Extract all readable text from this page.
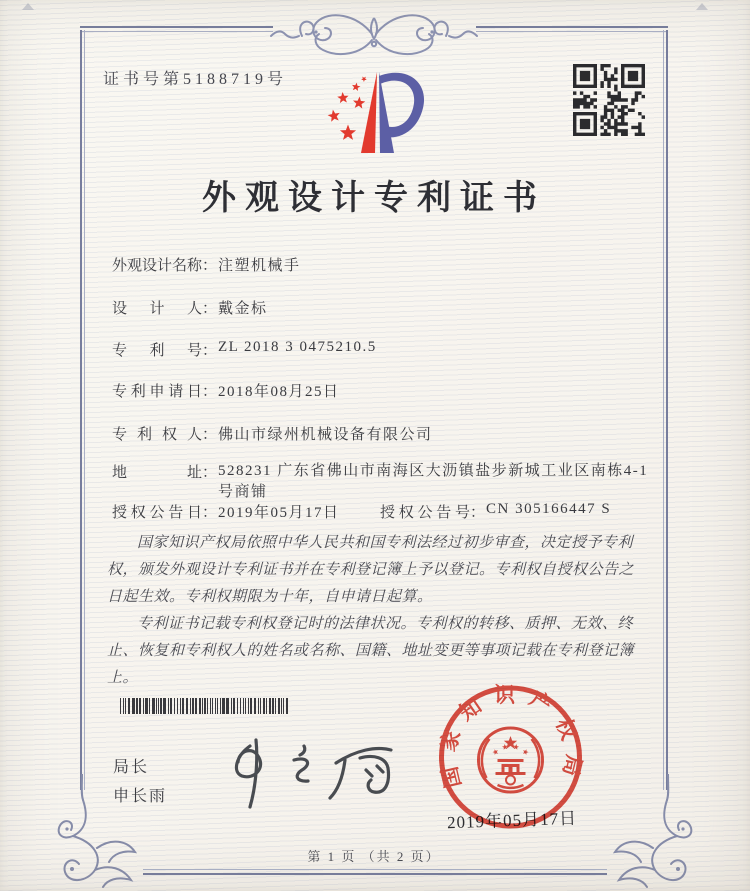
证书号第5188719号
外观设计专利证书
外观设计名称：注塑机械手
设计人：戴金标
专利号：ZL 2018 3 0475210.5
专利申请日：2018年08月25日
专利权人：佛山市绿州机械设备有限公司
地址：528231 广东省佛山市南海区大沥镇盐步新城工业区南栋4-1号商铺
授权公告日：2019年05月17日	授权公告号：CN 305166447 S

国家知识产权局依照中华人民共和国专利法经过初步审查，决定授予专利权，颁发外观设计专利证书并在专利登记簿上予以登记。专利权自授权公告之日起生效。专利权期限为十年，自申请日起算。

专利证书记载专利权登记时的法律状况。专利权的转移、质押、无效、终止、恢复和专利权人的姓名或名称、国籍、地址变更等事项记载在专利登记簿上。

局长
申长雨
2019年05月17日
国家知识产权局
第 1 页 （共 2 页）
